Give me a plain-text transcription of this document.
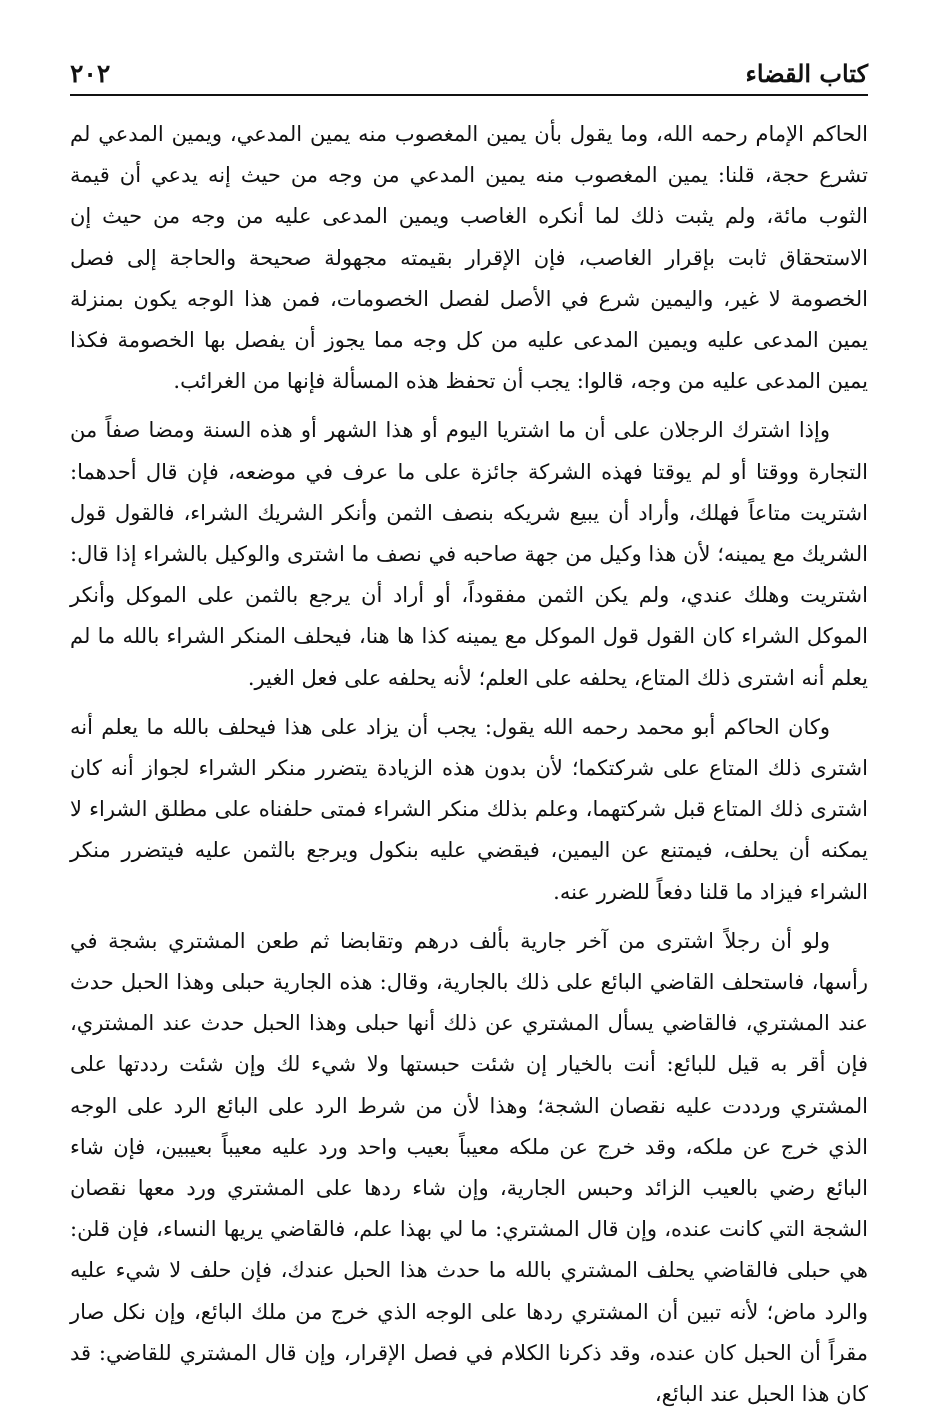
كتاب القضاء
٢٠٢

الحاكم الإمام رحمه الله، وما يقول بأن يمين المغصوب منه يمين المدعي، ويمين المدعي لم تشرع حجة، قلنا: يمين المغصوب منه يمين المدعي من وجه من حيث إنه يدعي أن قيمة الثوب مائة، ولم يثبت ذلك لما أنكره الغاصب ويمين المدعى عليه من وجه من حيث إن الاستحقاق ثابت بإقرار الغاصب، فإن الإقرار بقيمته مجهولة صحيحة والحاجة إلى فصل الخصومة لا غير، واليمين شرع في الأصل لفصل الخصومات، فمن هذا الوجه يكون بمنزلة يمين المدعى عليه ويمين المدعى عليه من كل وجه مما يجوز أن يفصل بها الخصومة فكذا يمين المدعى عليه من وجه، قالوا: يجب أن تحفظ هذه المسألة فإنها من الغرائب.

وإذا اشترك الرجلان على أن ما اشتريا اليوم أو هذا الشهر أو هذه السنة ومضا صفاً من التجارة ووقتا أو لم يوقتا فهذه الشركة جائزة على ما عرف في موضعه، فإن قال أحدهما: اشتريت متاعاً فهلك، وأراد أن يبيع شريكه بنصف الثمن وأنكر الشريك الشراء، فالقول قول الشريك مع يمينه؛ لأن هذا وكيل من جهة صاحبه في نصف ما اشترى والوكيل بالشراء إذا قال: اشتريت وهلك عندي، ولم يكن الثمن مفقوداً، أو أراد أن يرجع بالثمن على الموكل وأنكر الموكل الشراء كان القول قول الموكل مع يمينه كذا ها هنا، فيحلف المنكر الشراء بالله ما لم يعلم أنه اشترى ذلك المتاع، يحلفه على العلم؛ لأنه يحلفه على فعل الغير.

وكان الحاكم أبو محمد رحمه الله يقول: يجب أن يزاد على هذا فيحلف بالله ما يعلم أنه اشترى ذلك المتاع على شركتكما؛ لأن بدون هذه الزيادة يتضرر منكر الشراء لجواز أنه كان اشترى ذلك المتاع قبل شركتهما، وعلم بذلك منكر الشراء فمتى حلفناه على مطلق الشراء لا يمكنه أن يحلف، فيمتنع عن اليمين، فيقضي عليه بنكول ويرجع بالثمن عليه فيتضرر منكر الشراء فيزاد ما قلنا دفعاً للضرر عنه.

ولو أن رجلاً اشترى من آخر جارية بألف درهم وتقابضا ثم طعن المشتري بشجة في رأسها، فاستحلف القاضي البائع على ذلك بالجارية، وقال: هذه الجارية حبلى وهذا الحبل حدث عند المشتري، فالقاضي يسأل المشتري عن ذلك أنها حبلى وهذا الحبل حدث عند المشتري، فإن أقر به قيل للبائع: أنت بالخيار إن شئت حبستها ولا شيء لك وإن شئت رددتها على المشتري ورددت عليه نقصان الشجة؛ وهذا لأن من شرط الرد على البائع الرد على الوجه الذي خرج عن ملكه، وقد خرج عن ملكه معيباً بعيب واحد ورد عليه معيباً بعيبين، فإن شاء البائع رضي بالعيب الزائد وحبس الجارية، وإن شاء ردها على المشتري ورد معها نقصان الشجة التي كانت عنده، وإن قال المشتري: ما لي بهذا علم، فالقاضي يريها النساء، فإن قلن: هي حبلى فالقاضي يحلف المشتري بالله ما حدث هذا الحبل عندك، فإن حلف لا شيء عليه والرد ماض؛ لأنه تبين أن المشتري ردها على الوجه الذي خرج من ملك البائع، وإن نكل صار مقراً أن الحبل كان عنده، وقد ذكرنا الكلام في فصل الإقرار، وإن قال المشتري للقاضي: قد كان هذا الحبل عند البائع،
